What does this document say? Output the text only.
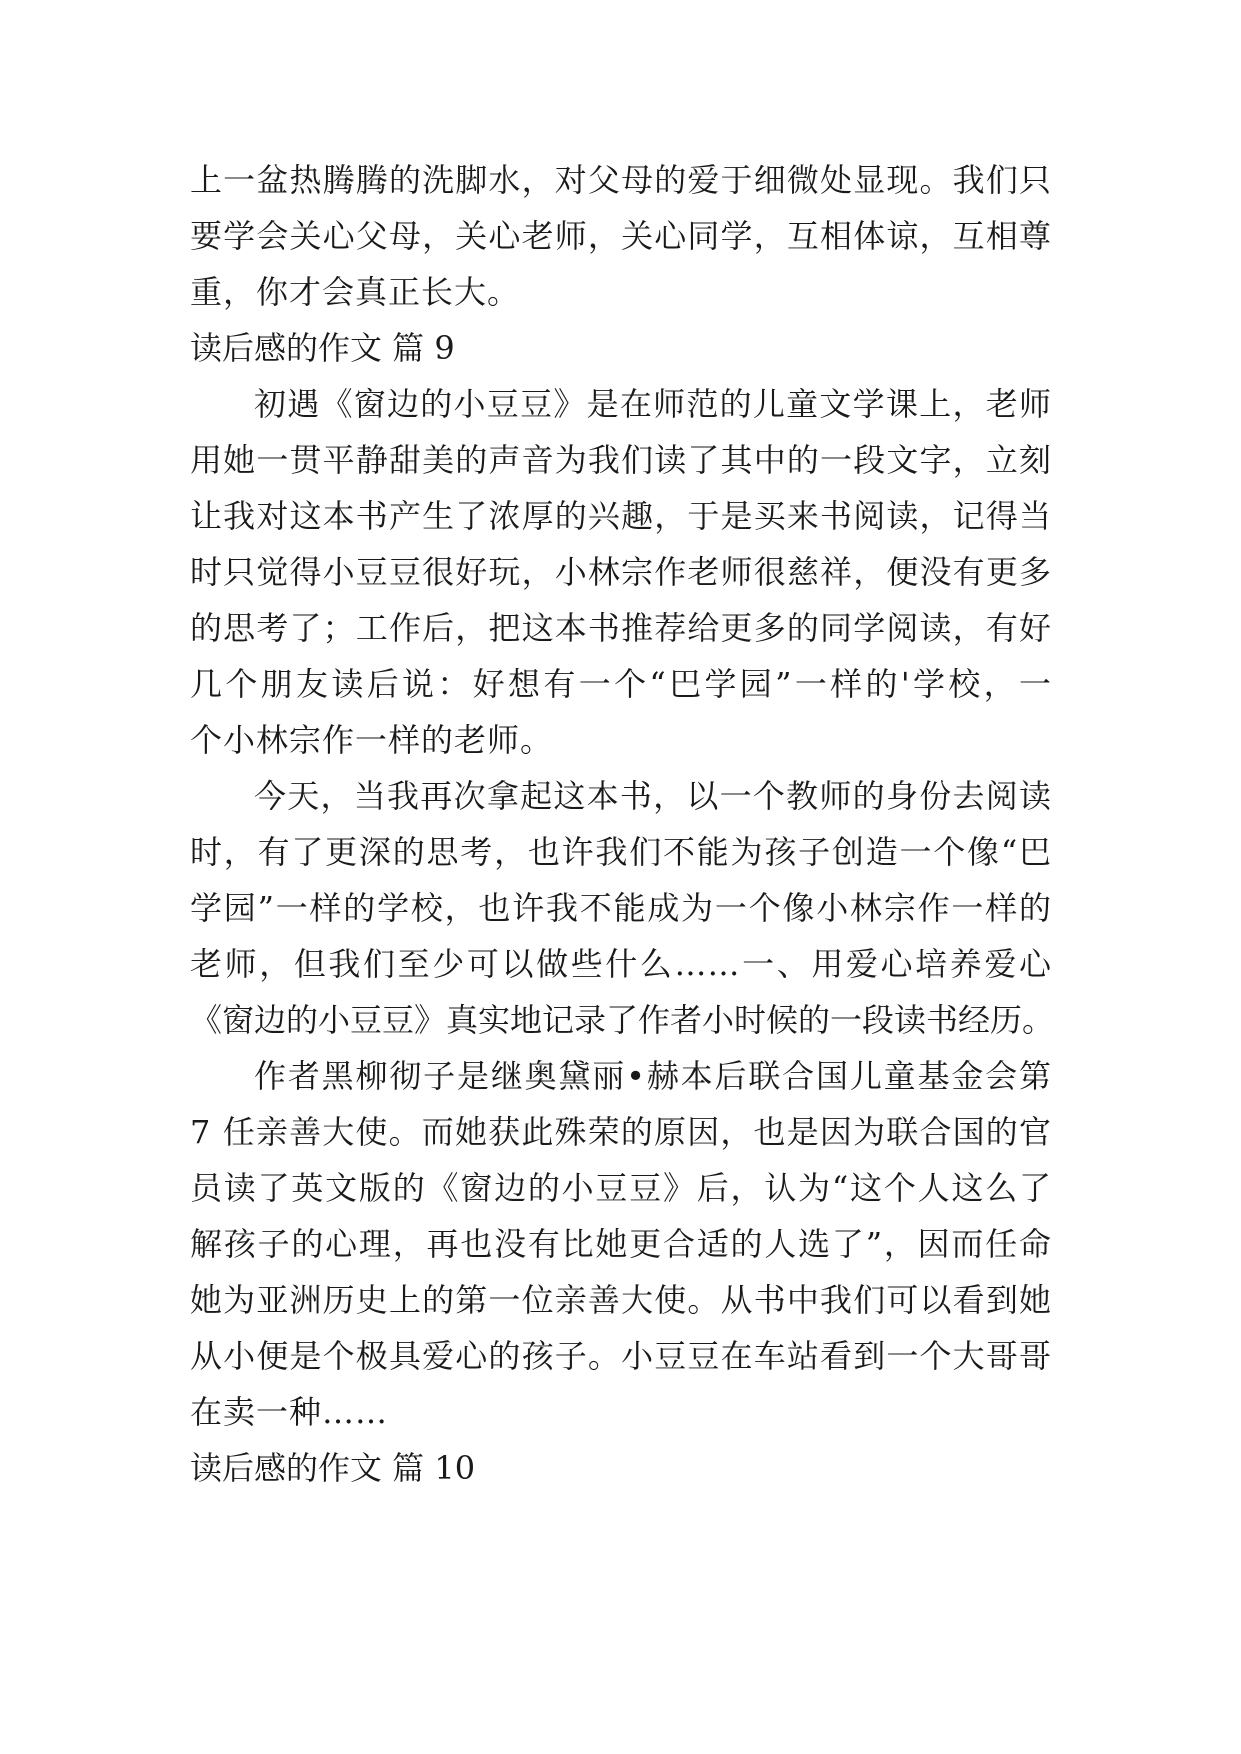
上一盆热腾腾的洗脚水，对父母的爱于细微处显现。我们只
要学会关心父母，关心老师，关心同学，互相体谅，互相尊
重，你才会真正长大。
读后感的作文 篇 9
初遇《窗边的小豆豆》是在师范的儿童文学课上，老师
用她一贯平静甜美的声音为我们读了其中的一段文字，立刻
让我对这本书产生了浓厚的兴趣，于是买来书阅读，记得当
时只觉得小豆豆很好玩，小林宗作老师很慈祥，便没有更多
的思考了；工作后，把这本书推荐给更多的同学阅读，有好
几个朋友读后说：好想有一个“巴学园”一样的'学校，一
个小林宗作一样的老师。
今天，当我再次拿起这本书，以一个教师的身份去阅读
时，有了更深的思考，也许我们不能为孩子创造一个像“巴
学园”一样的学校，也许我不能成为一个像小林宗作一样的
老师，但我们至少可以做些什么……一、用爱心培养爱心
《窗边的小豆豆》真实地记录了作者小时候的一段读书经历。
作者黑柳彻子是继奥黛丽•赫本后联合国儿童基金会第
7 任亲善大使。而她获此殊荣的原因，也是因为联合国的官
员读了英文版的《窗边的小豆豆》后，认为“这个人这么了
解孩子的心理，再也没有比她更合适的人选了”，因而任命
她为亚洲历史上的第一位亲善大使。从书中我们可以看到她
从小便是个极具爱心的孩子。小豆豆在车站看到一个大哥哥
在卖一种……
读后感的作文 篇 10
